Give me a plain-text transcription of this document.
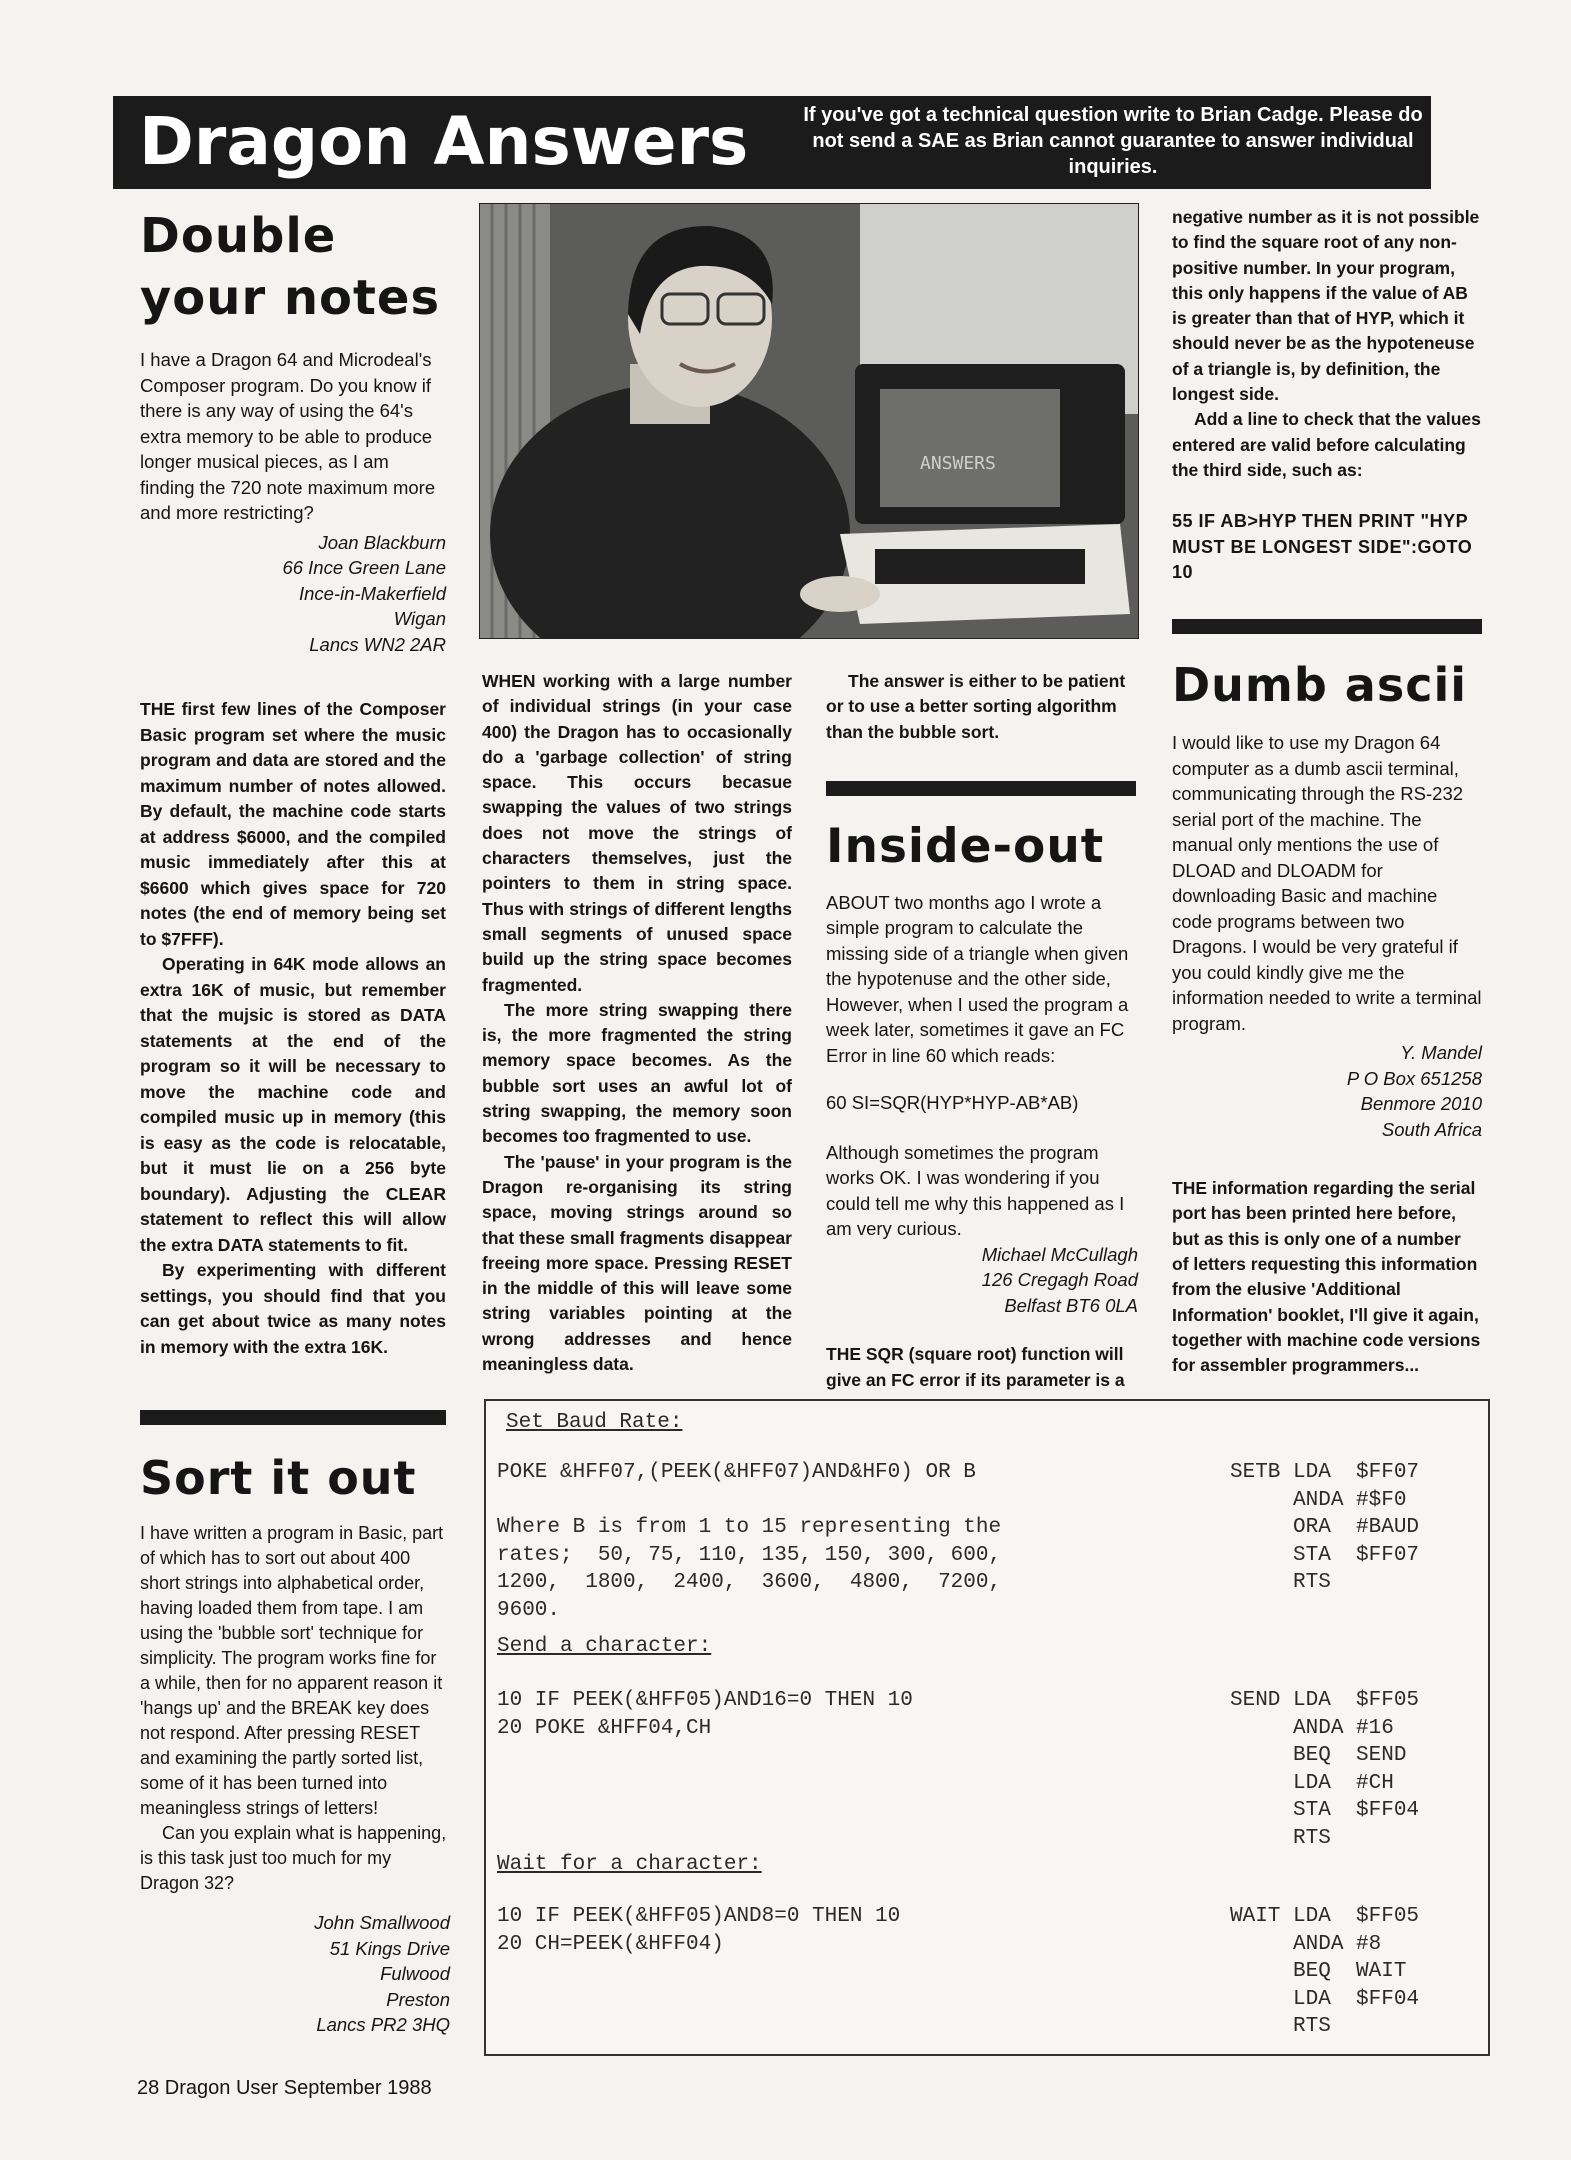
Dragon Answers	If you've got a technical question write to Brian Cadge. Please do not send a SAE as Brian cannot guarantee to answer individual inquiries.
Double
your notes

I have a Dragon 64 and Microdeal's Composer program. Do you know if there is any way of using the 64's extra memory to be able to produce longer musical pieces, as I am finding the 720 note maximum more and more restricting?

Joan Blackburn
66 Ince Green Lane
Ince-in-Makerfield
Wigan
Lancs WN2 2AR

THE first few lines of the Composer Basic program set where the music program and data are stored and the maximum number of notes allowed. By default, the machine code starts at address $6000, and the compiled music immediately after this at $6600 which gives space for 720 notes (the end of memory being set to $7FFF).

Operating in 64K mode allows an extra 16K of music, but remember that the mujsic is stored as DATA statements at the end of the program so it will be necessary to move the machine code and compiled music up in memory (this is easy as the code is relocatable, but it must lie on a 256 byte boundary). Adjusting the CLEAR statement to reflect this will allow the extra DATA statements to fit.

By experimenting with different settings, you should find that you can get about twice as many notes in memory with the extra 16K.

Sort it out

I have written a program in Basic, part of which has to sort out about 400 short strings into alphabetical order, having loaded them from tape. I am using the 'bubble sort' technique for simplicity. The program works fine for a while, then for no apparent reason it 'hangs up' and the BREAK key does not respond. After pressing RESET and examining the partly sorted list, some of it has been turned into meaningless strings of letters!

Can you explain what is happening, is this task just too much for my Dragon 32?

John Smallwood
51 Kings Drive
Fulwood
Preston
Lancs PR2 3HQ
ANSWERS

WHEN working with a large number of individual strings (in your case 400) the Dragon has to occasionally do a 'garbage collection' of string space. This occurs becasue swapping the values of two strings does not move the strings of characters themselves, just the pointers to them in string space. Thus with strings of different lengths small segments of unused space build up the string space becomes fragmented.

The more string swapping there is, the more fragmented the string memory space becomes. As the bubble sort uses an awful lot of string swapping, the memory soon becomes too fragmented to use.

The 'pause' in your program is the Dragon re-organising its string space, moving strings around so that these small fragments disappear freeing more space. Pressing RESET in the middle of this will leave some string variables pointing at the wrong addresses and hence meaningless data.

The answer is either to be patient or to use a better sorting algorithm than the bubble sort.

Inside-out

ABOUT two months ago I wrote a simple program to calculate the missing side of a triangle when given the hypotenuse and the other side, However, when I used the program a week later, sometimes it gave an FC Error in line 60 which reads:

60 SI=SQR(HYP*HYP-AB*AB)

Although sometimes the program works OK. I was wondering if you could tell me why this happened as I am very curious.

Michael McCullagh
126 Cregagh Road
Belfast BT6 0LA

THE SQR (square root) function will give an FC error if its parameter is a

negative number as it is not possible to find the square root of any non-positive number. In your program, this only happens if the value of AB is greater than that of HYP, which it should never be as the hypoteneuse of a triangle is, by definition, the longest side.

Add a line to check that the values entered are valid before calculating the third side, such as:

55 IF AB>HYP THEN PRINT "HYP MUST BE LONGEST SIDE":GOTO 10

Dumb ascii

I would like to use my Dragon 64 computer as a dumb ascii terminal, communicating through the RS-232 serial port of the machine. The manual only mentions the use of DLOAD and DLOADM for downloading Basic and machine code programs between two Dragons. I would be very grateful if you could kindly give me the information needed to write a terminal program.

Y. Mandel
P O Box 651258
Benmore 2010
South Africa

THE information regarding the serial port has been printed here before, but as this is only one of a number of letters requesting this information from the elusive 'Additional Information' booklet, I'll give it again, together with machine code versions for assembler programmers...

Set Baud Rate:
POKE &HFF07,(PEEK(&HFF07)AND&HF0) OR B

Where B is from 1 to 15 representing the
rates;  50, 75, 110, 135, 150, 300, 600,
1200,  1800,  2400,  3600,  4800,  7200,
9600.
SETB LDA  $FF07
ANDA #$F0
ORA  #BAUD
STA  $FF07
RTS
Send a character:
10 IF PEEK(&HFF05)AND16=0 THEN 10
20 POKE &HFF04,CH
SEND LDA  $FF05
ANDA #16
BEQ  SEND
LDA  #CH
STA  $FF04
RTS
Wait for a character:
10 IF PEEK(&HFF05)AND8=0 THEN 10
20 CH=PEEK(&HFF04)
WAIT LDA  $FF05
ANDA #8
BEQ  WAIT
LDA  $FF04
RTS
28 Dragon User September 1988
